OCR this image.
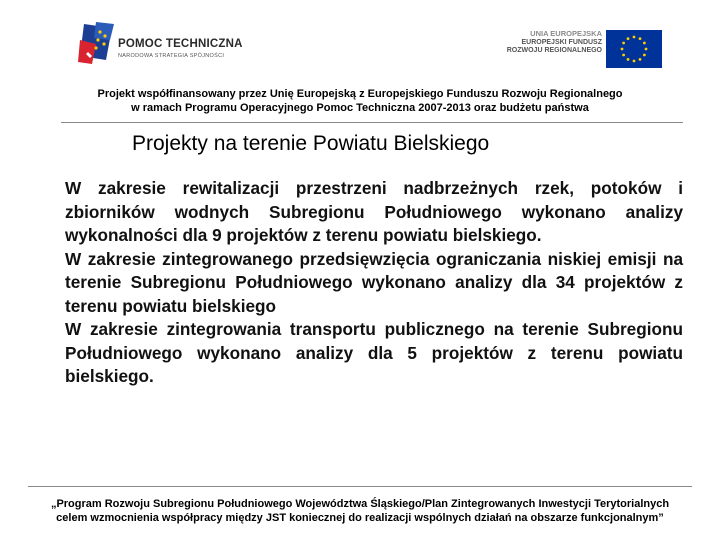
POMOC TECHNICZNA
NARODOWA STRATEGIA SPÓJNOŚCI
UNIA EUROPEJSKA
EUROPEJSKI FUNDUSZ
ROZWOJU REGIONALNEGO
Projekt współfinansowany przez Unię Europejską z Europejskiego Funduszu Rozwoju Regionalnego
w ramach Programu Operacyjnego Pomoc Techniczna 2007-2013 oraz budżetu państwa
Projekty na terenie Powiatu Bielskiego

W zakresie rewitalizacji przestrzeni nadbrzeżnych rzek, potoków i zbiorników wodnych Subregionu Południowego wykonano analizy wykonalności dla 9 projektów z terenu powiatu bielskiego.

W zakresie zintegrowanego przedsięwzięcia ograniczania niskiej emisji na terenie Subregionu Południowego wykonano analizy dla 34 projektów z terenu powiatu bielskiego

W zakresie zintegrowania transportu publicznego na terenie Subregionu Południowego wykonano analizy dla 5 projektów z terenu powiatu bielskiego.

„Program Rozwoju Subregionu Południowego Województwa Śląskiego/Plan Zintegrowanych Inwestycji Terytorialnych
celem wzmocnienia współpracy między JST koniecznej do realizacji wspólnych działań na obszarze funkcjonalnym”
